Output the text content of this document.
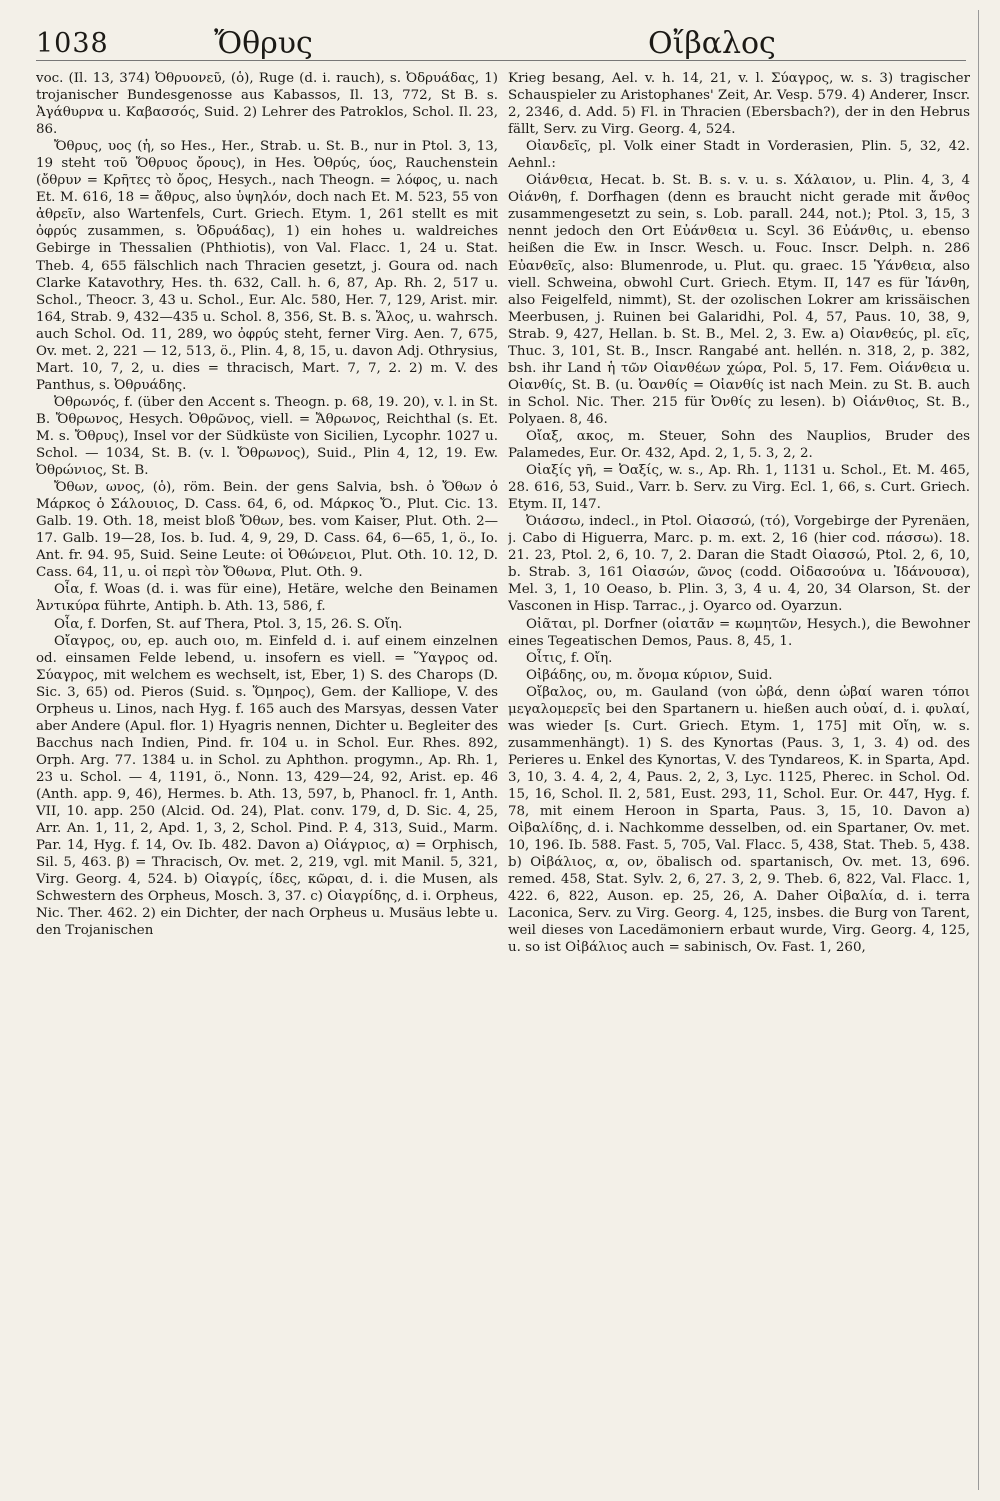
1038	Ὄθρυς	Οἴβαλος

voc. (Il. 13, 374) Ὀθρυονεῦ, (ὁ), Ruge (d. i. rauch), s. Ὀδρυάδας, 1) trojanischer Bundesgenosse aus Kabassos, Il. 13, 772, St B. s. Ἀγάθυρνα u. Καβασσός, Suid. 2) Lehrer des Patroklos, Schol. Il. 23, 86.

Ὄθρυς, υος (ἡ, so Hes., Her., Strab. u. St. B., nur in Ptol. 3, 13, 19 steht τοῦ Ὄθρυος ὄρους), in Hes. Ὀθρύς, ύος, Rauchenstein (ὄθρυν = Κρῆτες τὸ ὄρος, Hesych., nach Theogn. = λόφος, u. nach Et. M. 616, 18 = ἄθρυς, also ὑψηλόν, doch nach Et. M. 523, 55 von ἀθρεῖν, also Wartenfels, Curt. Griech. Etym. 1, 261 stellt es mit ὀφρύς zusammen, s. Ὀδρυάδας), 1) ein hohes u. waldreiches Gebirge in Thessalien (Phthiotis), von Val. Flacc. 1, 24 u. Stat. Theb. 4, 655 fälschlich nach Thracien gesetzt, j. Goura od. nach Clarke Katavothry, Hes. th. 632, Call. h. 6, 87, Ap. Rh. 2, 517 u. Schol., Theocr. 3, 43 u. Schol., Eur. Alc. 580, Her. 7, 129, Arist. mir. 164, Strab. 9, 432—435 u. Schol. 8, 356, St. B. s. Ἅλος, u. wahrsch. auch Schol. Od. 11, 289, wo ὀφρύς steht, ferner Virg. Aen. 7, 675, Ov. met. 2, 221 — 12, 513, ö., Plin. 4, 8, 15, u. davon Adj. Othrysius, Mart. 10, 7, 2, u. dies = thracisch, Mart. 7, 7, 2. 2) m. V. des Panthus, s. Ὀθρυάδης.

Ὀθρωνός, f. (über den Accent s. Theogn. p. 68, 19. 20), v. l. in St. B. Ὄθρωνος, Hesych. Ὀθρῶνος, viell. = Ἄθρωνος, Reichthal (s. Et. M. s. Ὄθρυς), Insel vor der Südküste von Sicilien, Lycophr. 1027 u. Schol. — 1034, St. B. (v. l. Ὄθρωνος), Suid., Plin 4, 12, 19. Ew. Ὀθρώνιος, St. B.

Ὄθων, ωνος, (ὁ), röm. Bein. der gens Salvia, bsh. ὁ Ὄθων ὁ Μάρκος ὁ Σάλουιος, D. Cass. 64, 6, od. Μάρκος Ὄ., Plut. Cic. 13. Galb. 19. Oth. 18, meist bloß Ὄθων, bes. vom Kaiser, Plut. Oth. 2—17. Galb. 19—28, Ios. b. Iud. 4, 9, 29, D. Cass. 64, 6—65, 1, ö., Io. Ant. fr. 94. 95, Suid. Seine Leute: οἱ Ὀθώνειοι, Plut. Oth. 10. 12, D. Cass. 64, 11, u. οἱ περὶ τὸν Ὄθωνα, Plut. Oth. 9.

Οἶα, f. Woas (d. i. was für eine), Hetäre, welche den Beinamen Ἀντικύρα führte, Antiph. b. Ath. 13, 586, f.

Οἶα, f. Dorfen, St. auf Thera, Ptol. 3, 15, 26. S. Οἴη.

Οἴαγρος, ου, ep. auch οιο, m. Einfeld d. i. auf einem einzelnen od. einsamen Felde lebend, u. insofern es viell. = Ὕαγρος od. Σύαγρος, mit welchem es wechselt, ist, Eber, 1) S. des Charops (D. Sic. 3, 65) od. Pieros (Suid. s. Ὅμηρος), Gem. der Kalliope, V. des Orpheus u. Linos, nach Hyg. f. 165 auch des Marsyas, dessen Vater aber Andere (Apul. flor. 1) Hyagris nennen, Dichter u. Begleiter des Bacchus nach Indien, Pind. fr. 104 u. in Schol. Eur. Rhes. 892, Orph. Arg. 77. 1384 u. in Schol. zu Aphthon. progymn., Ap. Rh. 1, 23 u. Schol. — 4, 1191, ö., Nonn. 13, 429—24, 92, Arist. ep. 46 (Anth. app. 9, 46), Hermes. b. Ath. 13, 597, b, Phanocl. fr. 1, Anth. VII, 10. app. 250 (Alcid. Od. 24), Plat. conv. 179, d, D. Sic. 4, 25, Arr. An. 1, 11, 2, Apd. 1, 3, 2, Schol. Pind. P. 4, 313, Suid., Marm. Par. 14, Hyg. f. 14, Ov. Ib. 482. Davon a) Οἰάγριος, α) = Orphisch, Sil. 5, 463. β) = Thracisch, Ov. met. 2, 219, vgl. mit Manil. 5, 321, Virg. Georg. 4, 524. b) Οἰαγρίς, ίδες, κῶραι, d. i. die Musen, als Schwestern des Orpheus, Mosch. 3, 37. c) Οἰαγρίδης, d. i. Orpheus, Nic. Ther. 462. 2) ein Dichter, der nach Orpheus u. Musäus lebte u. den Trojanischen

Krieg besang, Ael. v. h. 14, 21, v. l. Σύαγρος, w. s. 3) tragischer Schauspieler zu Aristophanes' Zeit, Ar. Vesp. 579. 4) Anderer, Inscr. 2, 2346, d. Add. 5) Fl. in Thracien (Ebersbach?), der in den Hebrus fällt, Serv. zu Virg. Georg. 4, 524.

Οἰανδεῖς, pl. Volk einer Stadt in Vorderasien, Plin. 5, 32, 42. Aehnl.:

Οἰάνθεια, Hecat. b. St. B. s. v. u. s. Χάλαιον, u. Plin. 4, 3, 4 Οἰάνθη, f. Dorfhagen (denn es braucht nicht gerade mit ἄνθος zusammengesetzt zu sein, s. Lob. parall. 244, not.); Ptol. 3, 15, 3 nennt jedoch den Ort Εὐάνθεια u. Scyl. 36 Εὐάνθις, u. ebenso heißen die Ew. in Inscr. Wesch. u. Fouc. Inscr. Delph. n. 286 Εὐανθεῖς, also: Blumenrode, u. Plut. qu. graec. 15 Ὑάνθεια, also viell. Schweina, obwohl Curt. Griech. Etym. II, 147 es für Ἰάνθη, also Feigelfeld, nimmt), St. der ozolischen Lokrer am krissäischen Meerbusen, j. Ruinen bei Galaridhi, Pol. 4, 57, Paus. 10, 38, 9, Strab. 9, 427, Hellan. b. St. B., Mel. 2, 3. Ew. a) Οἰανθεύς, pl. εῖς, Thuc. 3, 101, St. B., Inscr. Rangabé ant. hellén. n. 318, 2, p. 382, bsh. ihr Land ἡ τῶν Οἰανθέων χώρα, Pol. 5, 17. Fem. Οἰάνθεια u. Οἰανθίς, St. B. (u. Ὀανθίς = Οἰανθίς ist nach Mein. zu St. B. auch in Schol. Nic. Ther. 215 für Ὀνθίς zu lesen). b) Οἰάνθιος, St. B., Polyaen. 8, 46.

Οἴαξ, ακος, m. Steuer, Sohn des Nauplios, Bruder des Palamedes, Eur. Or. 432, Apd. 2, 1, 5. 3, 2, 2.

Οἰαξίς γῆ, = Ὀαξίς, w. s., Ap. Rh. 1, 1131 u. Schol., Et. M. 465, 28. 616, 53, Suid., Varr. b. Serv. zu Virg. Ecl. 1, 66, s. Curt. Griech. Etym. II, 147.

Ὀιάσσω, indecl., in Ptol. Οἰασσώ, (τό), Vorgebirge der Pyrenäen, j. Cabo di Higuerra, Marc. p. m. ext. 2, 16 (hier cod. πάσσω). 18. 21. 23, Ptol. 2, 6, 10. 7, 2. Daran die Stadt Οἰασσώ, Ptol. 2, 6, 10, b. Strab. 3, 161 Οἰασών, ῶνος (codd. Οἰδασούνα u. Ἰδάνουσα), Mel. 3, 1, 10 Oeaso, b. Plin. 3, 3, 4 u. 4, 20, 34 Olarson, St. der Vasconen in Hisp. Tarrac., j. Oyarco od. Oyarzun.

Οἰᾶται, pl. Dorfner (οἰατᾶν = κωμητῶν, Hesych.), die Bewohner eines Tegeatischen Demos, Paus. 8, 45, 1.

Οἶτις, f. Οἴη.

Οἰβάδης, ου, m. ὄνομα κύριον, Suid.

Οἴβαλος, ου, m. Gauland (von ὠβά, denn ὠβαί waren τόποι μεγαλομερεῖς bei den Spartanern u. hießen auch οὐαί, d. i. φυλαί, was wieder [s. Curt. Griech. Etym. 1, 175] mit Οἴη, w. s. zusammenhängt). 1) S. des Kynortas (Paus. 3, 1, 3. 4) od. des Perieres u. Enkel des Kynortas, V. des Tyndareos, K. in Sparta, Apd. 3, 10, 3. 4. 4, 2, 4, Paus. 2, 2, 3, Lyc. 1125, Pherec. in Schol. Od. 15, 16, Schol. Il. 2, 581, Eust. 293, 11, Schol. Eur. Or. 447, Hyg. f. 78, mit einem Heroon in Sparta, Paus. 3, 15, 10. Davon a) Οἰβαλίδης, d. i. Nachkomme desselben, od. ein Spartaner, Ov. met. 10, 196. Ib. 588. Fast. 5, 705, Val. Flacc. 5, 438, Stat. Theb. 5, 438. b) Οἰβάλιος, α, ον, öbalisch od. spartanisch, Ov. met. 13, 696. remed. 458, Stat. Sylv. 2, 6, 27. 3, 2, 9. Theb. 6, 822, Val. Flacc. 1, 422. 6, 822, Auson. ep. 25, 26, A. Daher Οἰβαλία, d. i. terra Laconica, Serv. zu Virg. Georg. 4, 125, insbes. die Burg von Tarent, weil dieses von Lacedämoniern erbaut wurde, Virg. Georg. 4, 125, u. so ist Οἰβάλιος auch = sabinisch, Ov. Fast. 1, 260,
